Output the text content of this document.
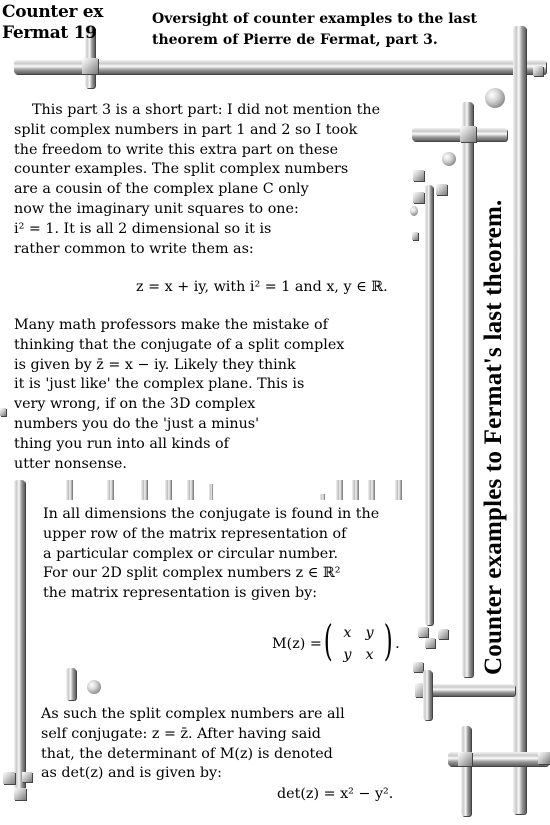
Counter ex
Fermat 19
Oversight of counter examples to the last
theorem of Pierre de Fermat, part 3.
Counter examples to Fermat's last theorem.
This part 3 is a short part: I did not mention the
split complex numbers in part 1 and 2 so I took
the freedom to write this extra part on these
counter examples. The split complex numbers
are a cousin of the complex plane C only
now the imaginary unit squares to one:
i² = 1. It is all 2 dimensional so it is
rather common to write them as:
z = x + iy, with i² = 1 and x, y ∈ ℝ.
Many math professors make the mistake of
thinking that the conjugate of a split complex
is given by z̄ = x − iy. Likely they think
it is 'just like' the complex plane. This is
very wrong, if on the 3D complex
numbers you do the 'just a minus'
thing you run into all kinds of
utter nonsense.
In all dimensions the conjugate is found in the
upper row of the matrix representation of
a particular complex or circular number.
For our 2D split complex numbers z ∈ ℝ²
the matrix representation is given by:
M(z) = ( x	y
y	x ) .
As such the split complex numbers are all
self conjugate: z = z̄. After having said
that, the determinant of M(z) is denoted
as det(z) and is given by:
det(z) = x² − y².
